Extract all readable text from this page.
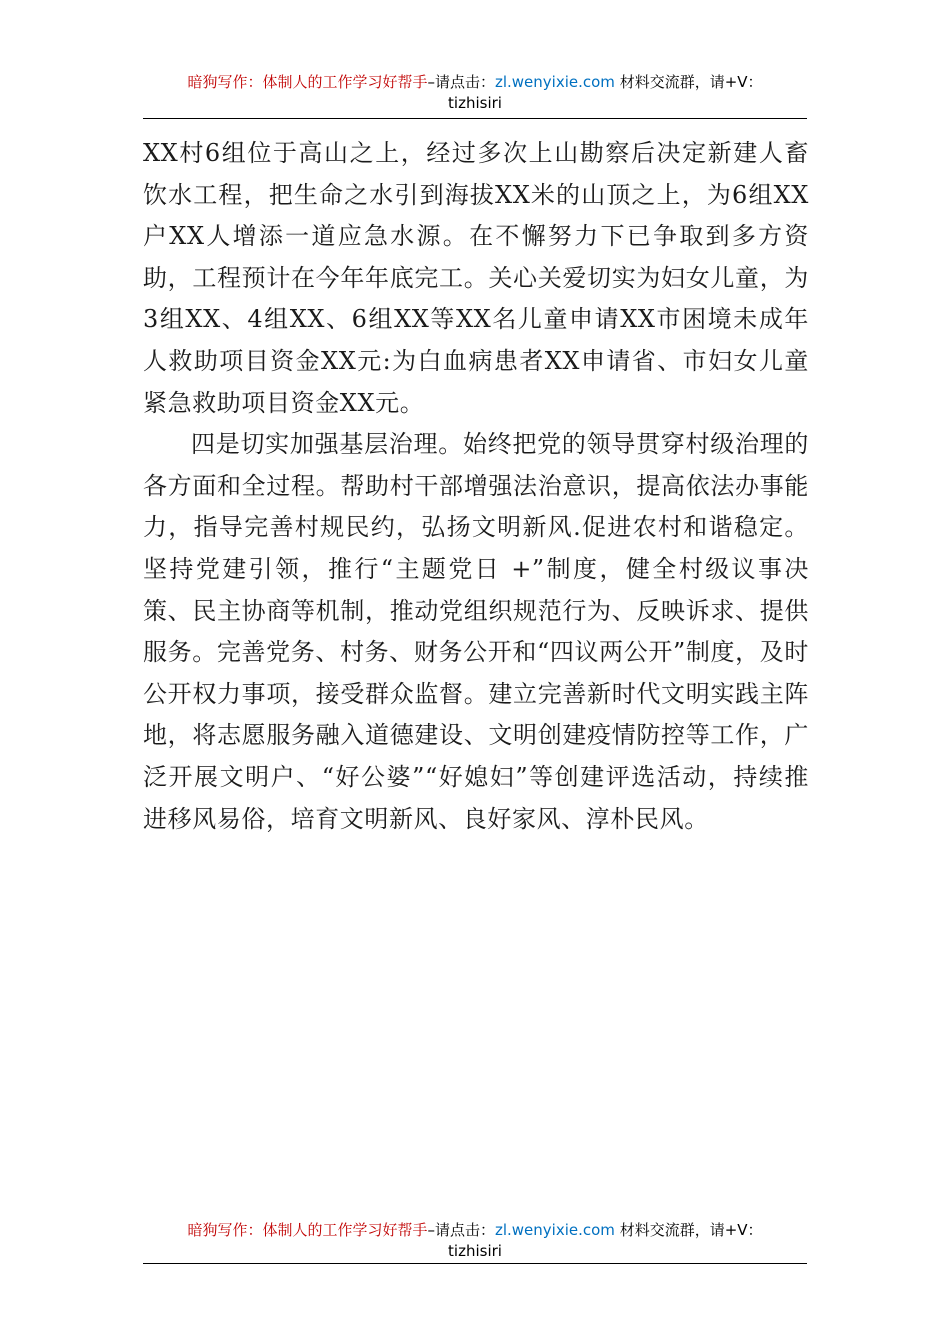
暗狗写作：体制人的工作学习好帮手–请点击：zl.wenyixie.com 材料交流群，请+V：
tizhisiri

XX村6组位于高山之上，经过多次上山勘察后决定新建人畜饮水工程，把生命之水引到海拔XX米的山顶之上，为6组XX户XX人增添一道应急水源。在不懈努力下已争取到多方资助，工程预计在今年年底完工。关心关爱切实为妇女儿童，为3组XX、4组XX、6组XX等XX名儿童申请XX市困境未成年人救助项目资金XX元:为白血病患者XX申请省、市妇女儿童紧急救助项目资金XX元。

四是切实加强基层治理。始终把党的领导贯穿村级治理的各方面和全过程。帮助村干部增强法治意识，提高依法办事能力，指导完善村规民约，弘扬文明新风.促进农村和谐稳定。坚持党建引领，推行“主题党日 +”制度，健全村级议事决策、民主协商等机制，推动党组织规范行为、反映诉求、提供服务。完善党务、村务、财务公开和“四议两公开”制度，及时公开权力事项，接受群众监督。建立完善新时代文明实践主阵地，将志愿服务融入道德建设、文明创建疫情防控等工作，广泛开展文明户、“好公婆”“好媳妇”等创建评选活动，持续推进移风易俗，培育文明新风、良好家风、淳朴民风。

暗狗写作：体制人的工作学习好帮手–请点击：zl.wenyixie.com 材料交流群，请+V：
tizhisiri
